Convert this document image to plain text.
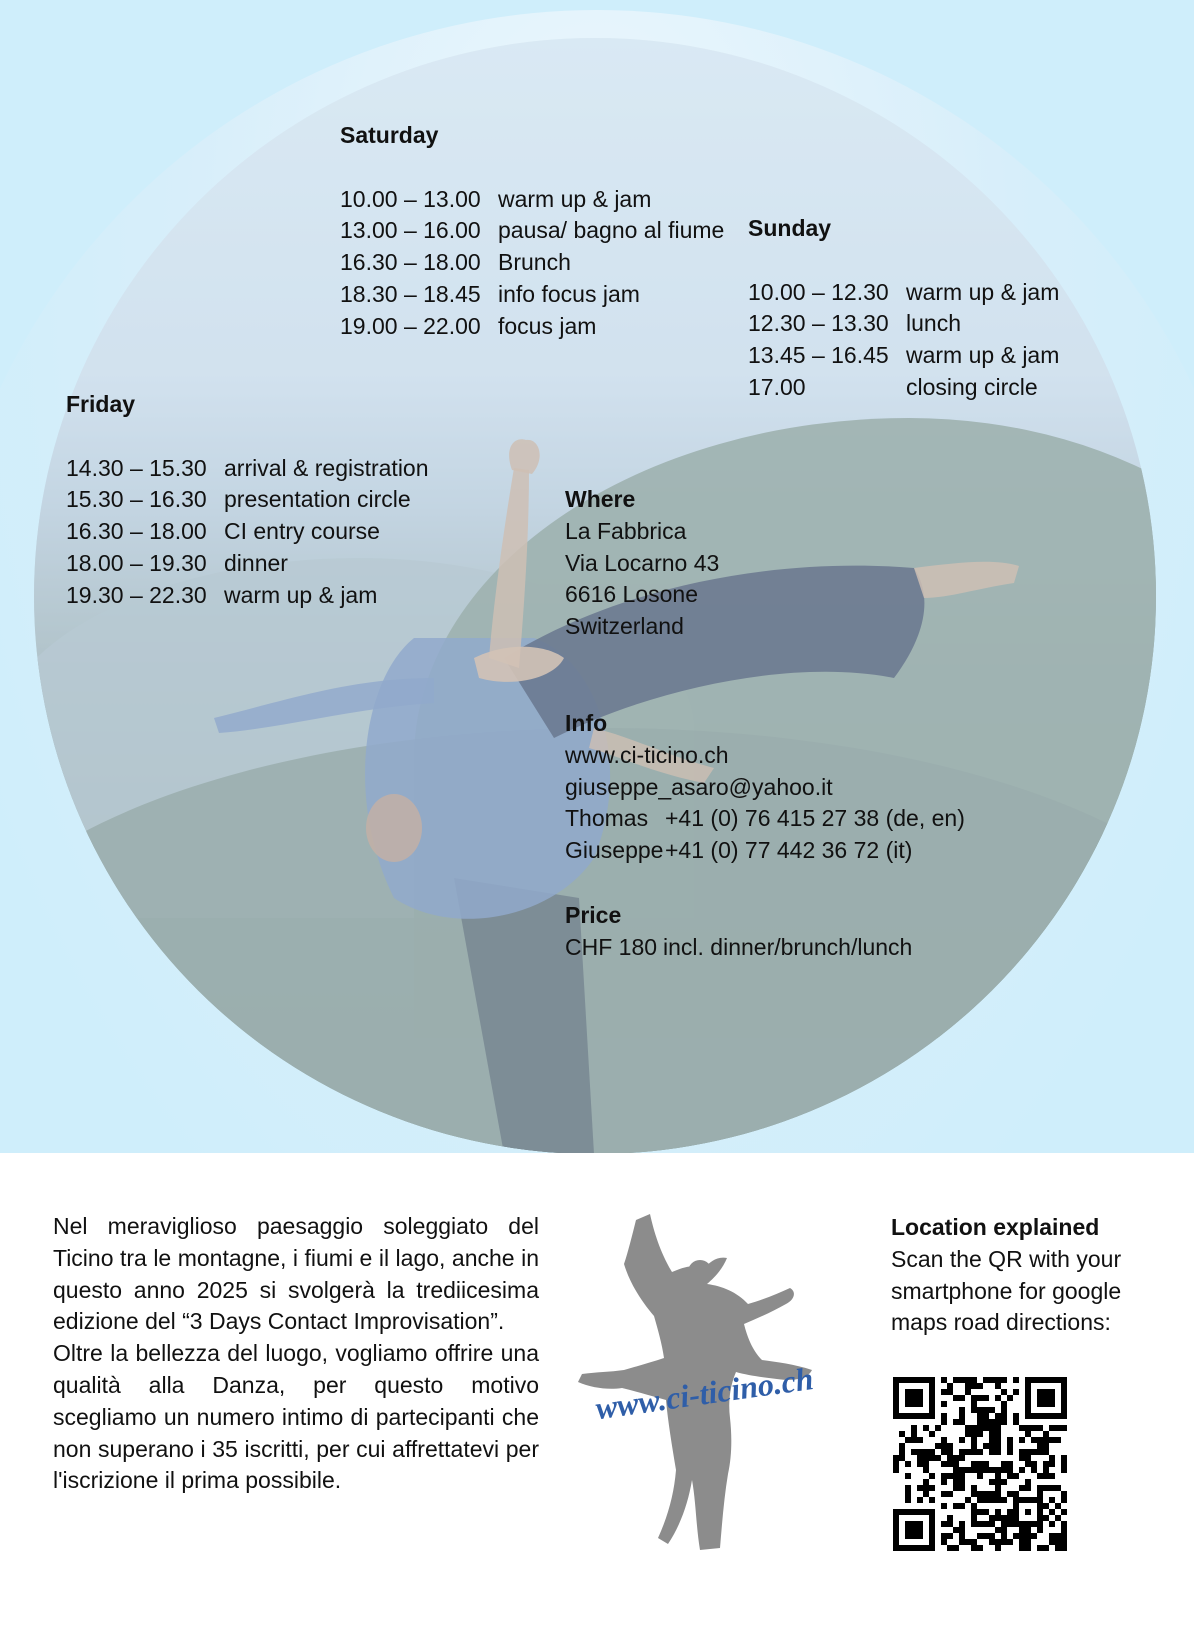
Saturday
10.00 – 13.00 warm up & jam
13.00 – 16.00 pausa/ bagno al fiume
16.30 – 18.00 Brunch
18.30 – 18.45 info focus jam
19.00 – 22.00 focus jam
Sunday
10.00 – 12.30 warm up & jam
12.30 – 13.30 lunch
13.45 – 16.45 warm up & jam
17.00	closing circle
Friday
14.30 – 15.30 arrival & registration
15.30 – 16.30 presentation circle
16.30 – 18.00 CI entry course
18.00 – 19.30 dinner
19.30 – 22.30 warm up & jam
Where
La Fabbrica
Via Locarno 43
6616 Losone
Switzerland
Info
www.ci-ticino.ch
giuseppe_asaro@yahoo.it
Thomas +41 (0) 76 415 27 38 (de, en)
Giuseppe +41 (0) 77 442 36 72 (it)
Price
CHF 180 incl. dinner/brunch/lunch

Nel meraviglioso paesaggio soleggiato del Ticino tra le montagne, i fiumi e il lago, anche in questo anno 2025 si svolgerà la trediicesima edizione del “3 Days Contact Improvisation”.

Oltre la bellezza del luogo, vogliamo offrire una qualità alla Danza, per questo motivo scegliamo un numero intimo di partecipanti che non superano i 35 iscritti, per cui affrettatevi per l'iscrizione il prima possibile.

www.ci-ticino.ch
Location explained
Scan the QR with your smartphone for google maps road directions:
